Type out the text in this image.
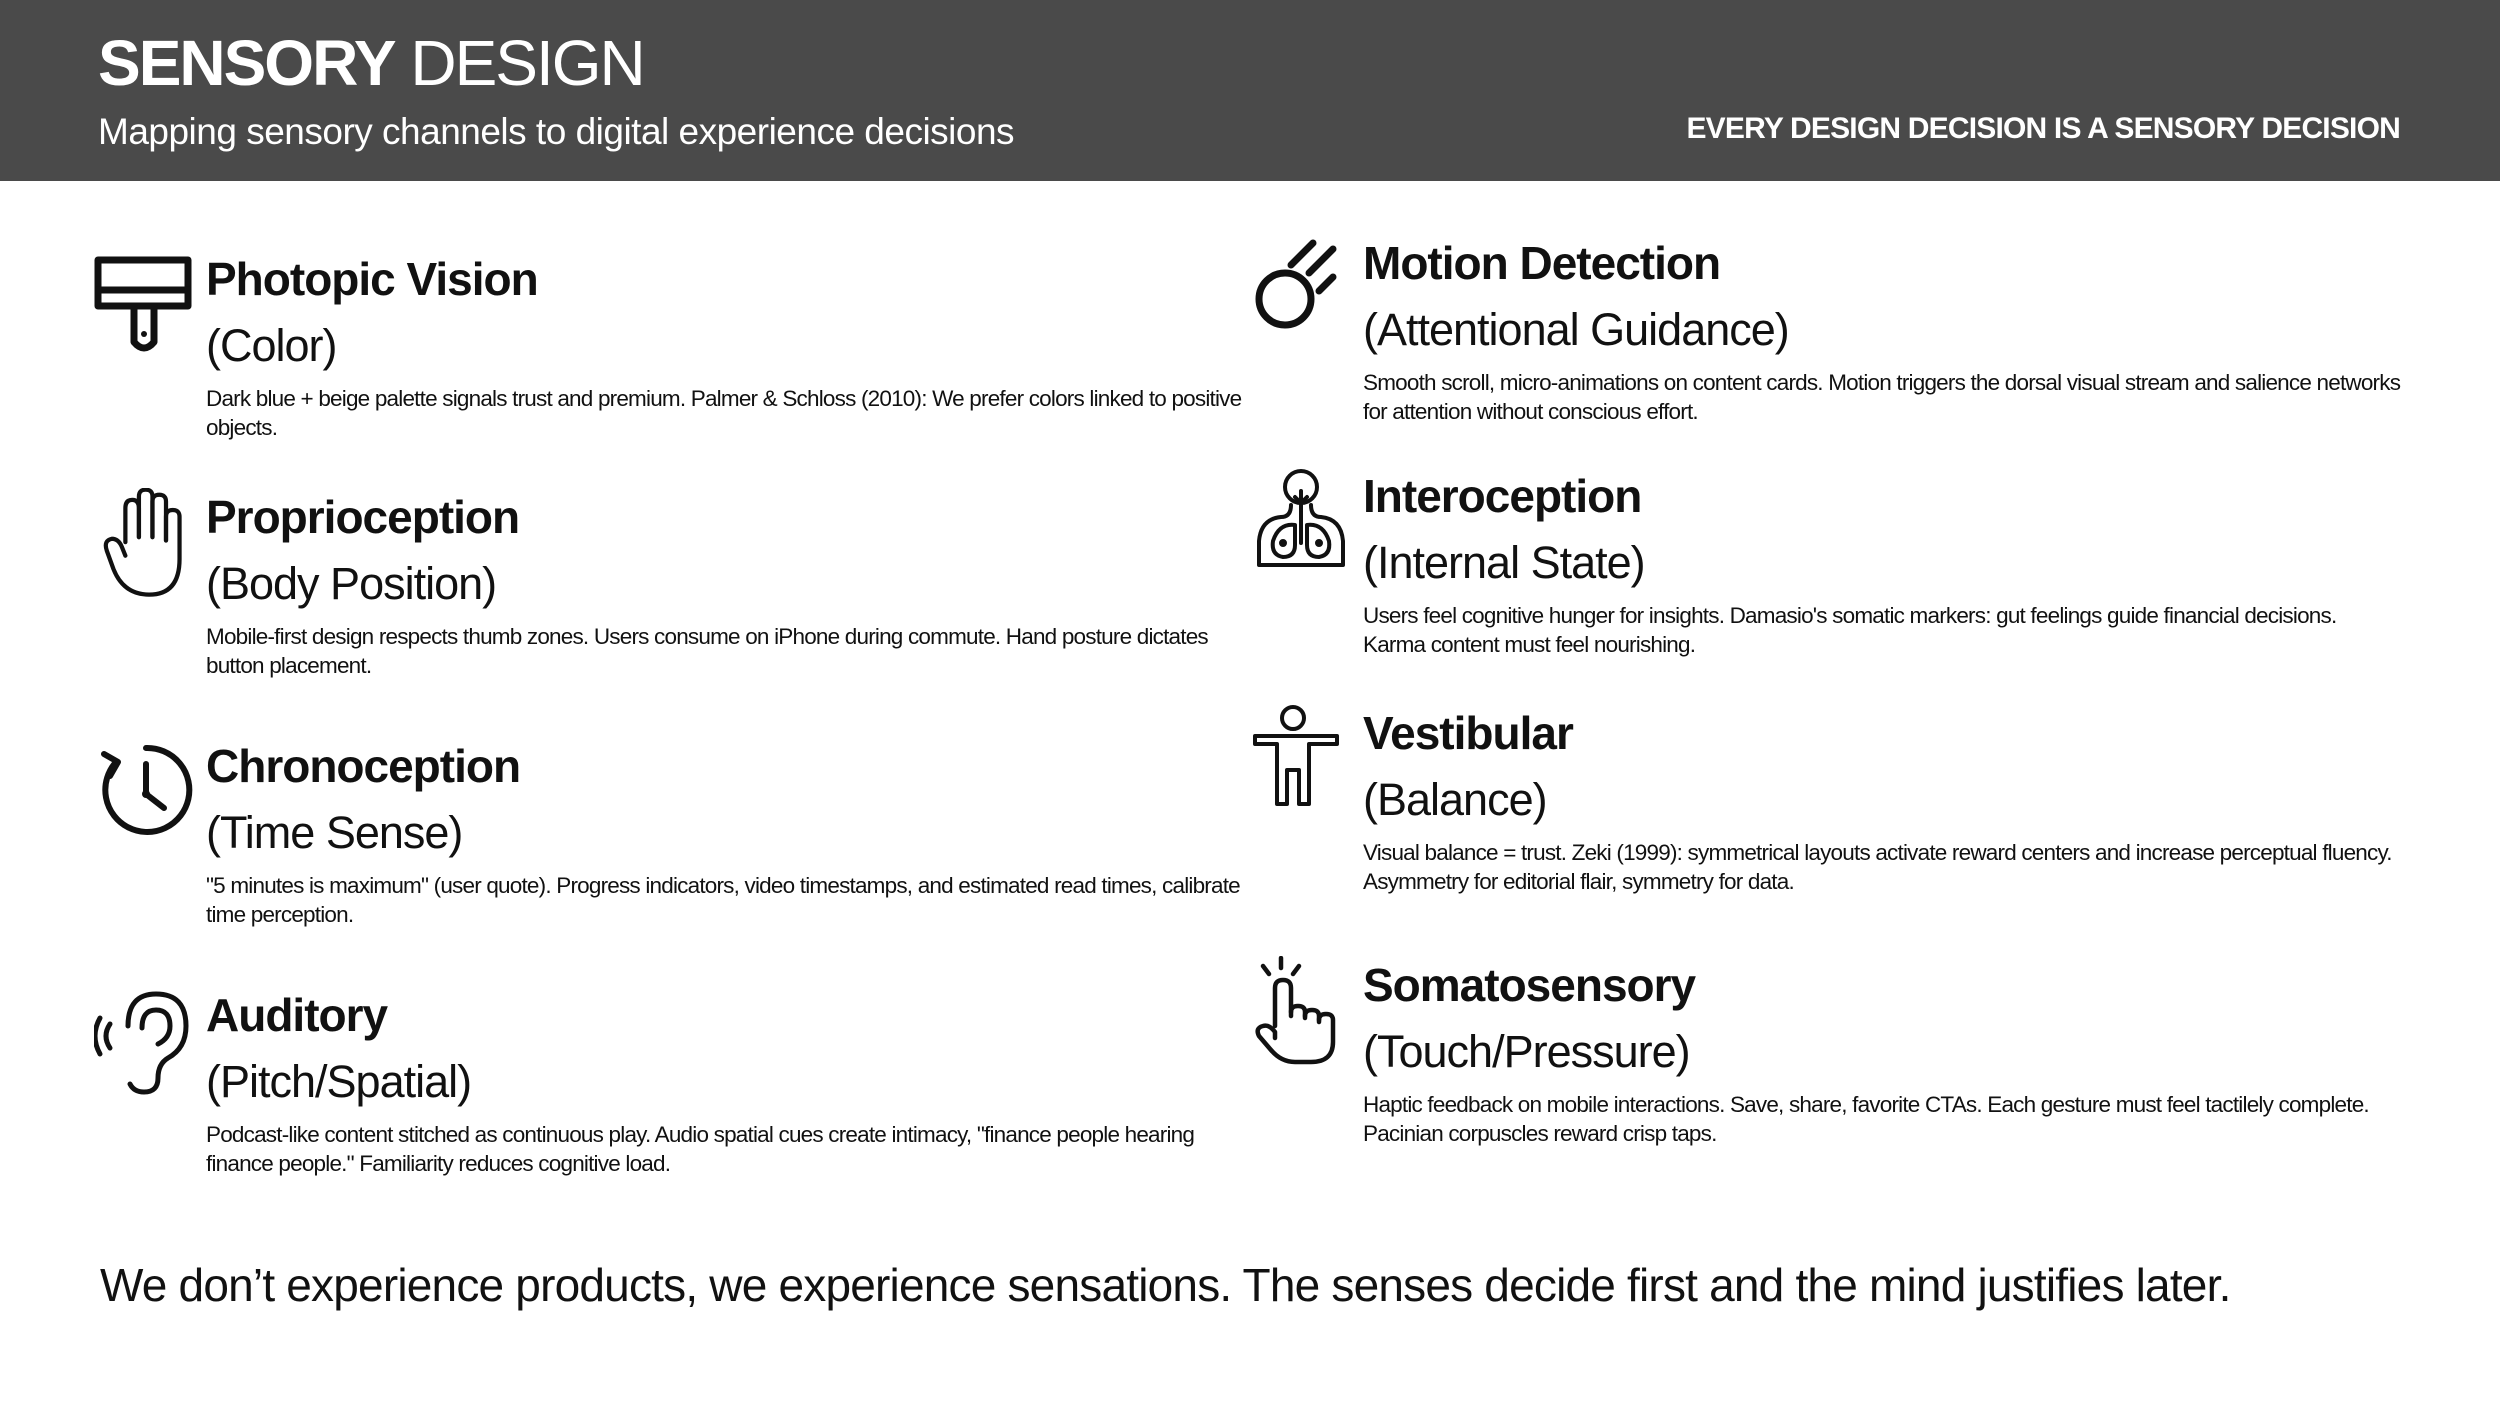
SENSORY DESIGN
Mapping sensory channels to digital experience decisions	EVERY DESIGN DECISION IS A SENSORY DECISION
Photopic Vision
(Color)
Dark blue + beige palette signals trust and premium. Palmer & Schloss (2010): We prefer colors linked to positive objects.
Proprioception
(Body Position)
Mobile-first design respects thumb zones. Users consume on iPhone during commute. Hand posture dictates button placement.
Chronoception
(Time Sense)
"5 minutes is maximum" (user quote). Progress indicators, video timestamps, and estimated read times, calibrate time perception.
Auditory
(Pitch/Spatial)
Podcast-like content stitched as continuous play. Audio spatial cues create intimacy, "finance people hearing finance people." Familiarity reduces cognitive load.
Motion Detection
(Attentional Guidance)
Smooth scroll, micro-animations on content cards. Motion triggers the dorsal visual stream and salience networks for attention without conscious effort.
Interoception
(Internal State)
Users feel cognitive hunger for insights. Damasio's somatic markers: gut feelings guide financial decisions. Karma content must feel nourishing.
Vestibular
(Balance)
Visual balance = trust. Zeki (1999): symmetrical layouts activate reward centers and increase perceptual fluency. Asymmetry for editorial flair, symmetry for data.
Somatosensory
(Touch/Pressure)
Haptic feedback on mobile interactions. Save, share, favorite CTAs. Each gesture must feel tactilely complete. Pacinian corpuscles reward crisp taps.
We don’t experience products, we experience sensations. The senses decide first and the mind justifies later.
